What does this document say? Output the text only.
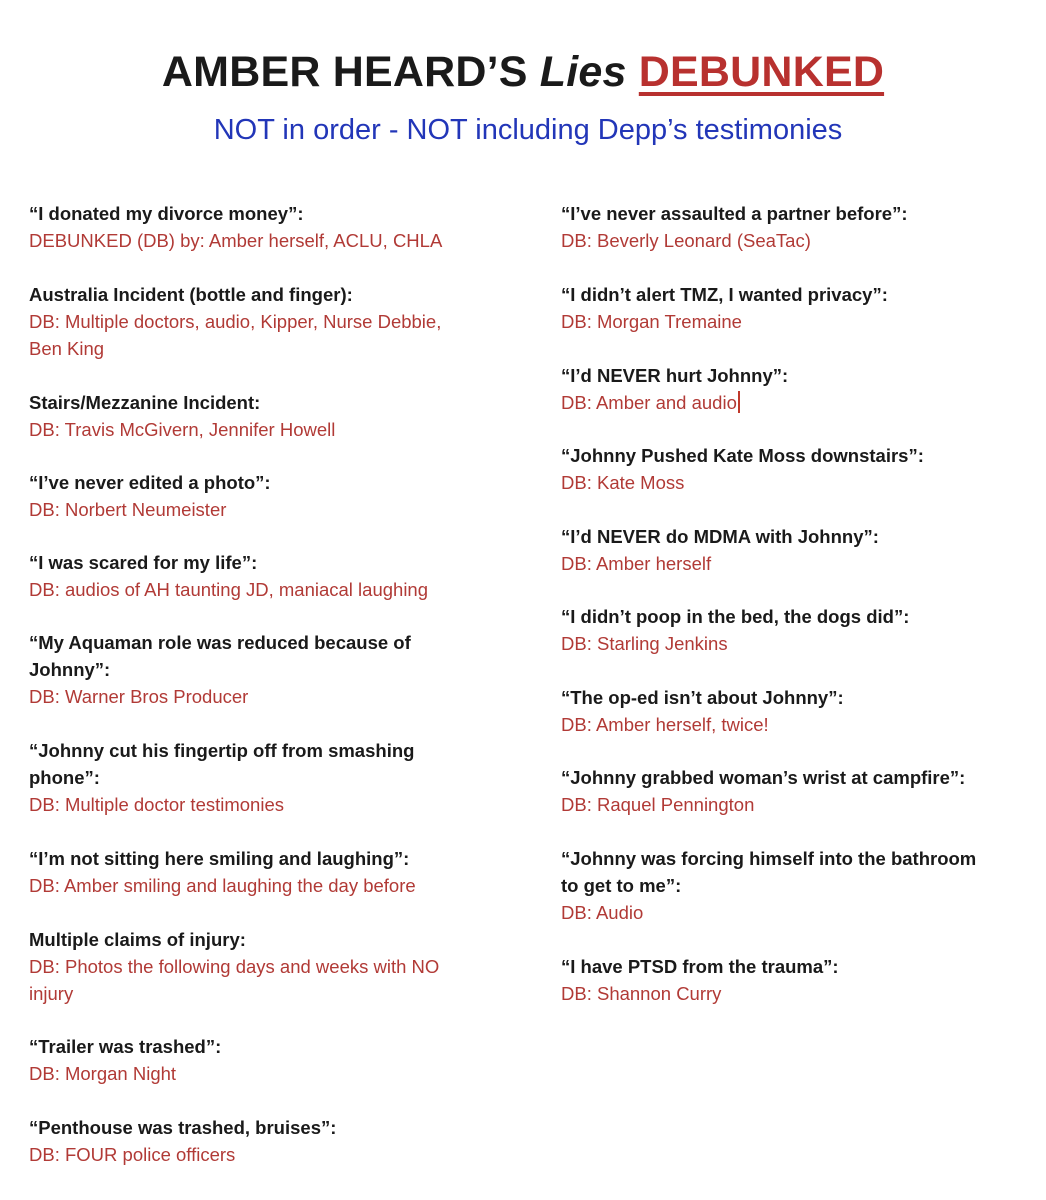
AMBER HEARD’S Lies DEBUNKED
NOT in order - NOT including Depp’s testimonies
“I donated my divorce money”:
DEBUNKED (DB) by: Amber herself, ACLU, CHLA
Australia Incident (bottle and finger):
DB: Multiple doctors, audio, Kipper, Nurse Debbie,
Ben King
Stairs/Mezzanine Incident:
DB: Travis McGivern, Jennifer Howell
“I’ve never edited a photo”:
DB: Norbert Neumeister
“I was scared for my life”:
DB: audios of AH taunting JD, maniacal laughing
“My Aquaman role was reduced because of
Johnny”:
DB: Warner Bros Producer
“Johnny cut his fingertip off from smashing
phone”:
DB: Multiple doctor testimonies
“I’m not sitting here smiling and laughing”:
DB: Amber smiling and laughing the day before
Multiple claims of injury:
DB: Photos the following days and weeks with NO
injury
“Trailer was trashed”:
DB: Morgan Night
“Penthouse was trashed, bruises”:
DB: FOUR police officers
“I’ve never assaulted a partner before”:
DB: Beverly Leonard (SeaTac)
“I didn’t alert TMZ, I wanted privacy”:
DB: Morgan Tremaine
“I’d NEVER hurt Johnny”:
DB: Amber and audio
“Johnny Pushed Kate Moss downstairs”:
DB: Kate Moss
“I’d NEVER do MDMA with Johnny”:
DB: Amber herself
“I didn’t poop in the bed, the dogs did”:
DB: Starling Jenkins
“The op-ed isn’t about Johnny”:
DB: Amber herself, twice!
“Johnny grabbed woman’s wrist at campfire”:
DB: Raquel Pennington
“Johnny was forcing himself into the bathroom
to get to me”:
DB: Audio
“I have PTSD from the trauma”:
DB: Shannon Curry
